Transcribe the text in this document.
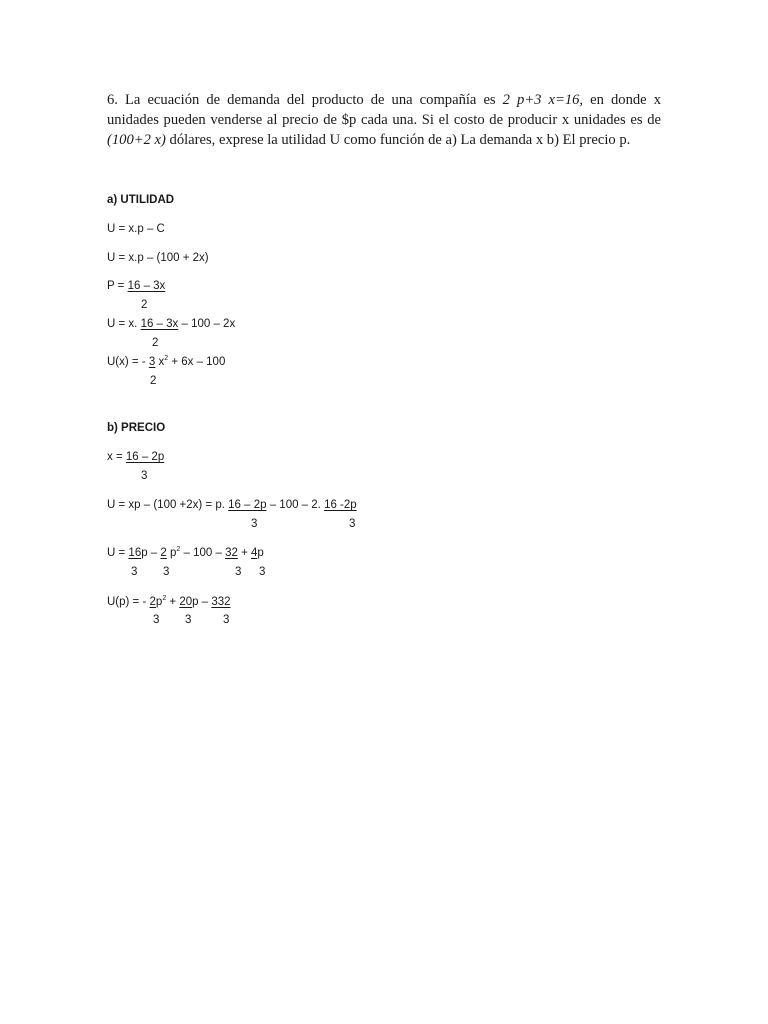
6. La ecuación de demanda del producto de una compañía es 2 p+3 x=16, en donde x
unidades pueden venderse al precio de $p cada una. Si el costo de producir x unidades es de
(100+2 x) dólares, exprese la utilidad U como función de a) La demanda x b) El precio p.
a) UTILIDAD
U = x.p – C
U = x.p – (100 + 2x)
P = 16 – 3x
2
U = x. 16 – 3x – 100 – 2x
2
U(x) = - 3 $x^2 + 6x - 100$
2
b) PRECIO
x = 16 – 2p
3
U = xp – (100 +2x) = p. 16 – 2p – 100 – 2. 16 -2p
3	3
U = 16p – 2 $p^2 - 100 - 32 + 4p$
3 3	3 3
U(p) = - $2p^2 + 20p - 332$
3 3	3
